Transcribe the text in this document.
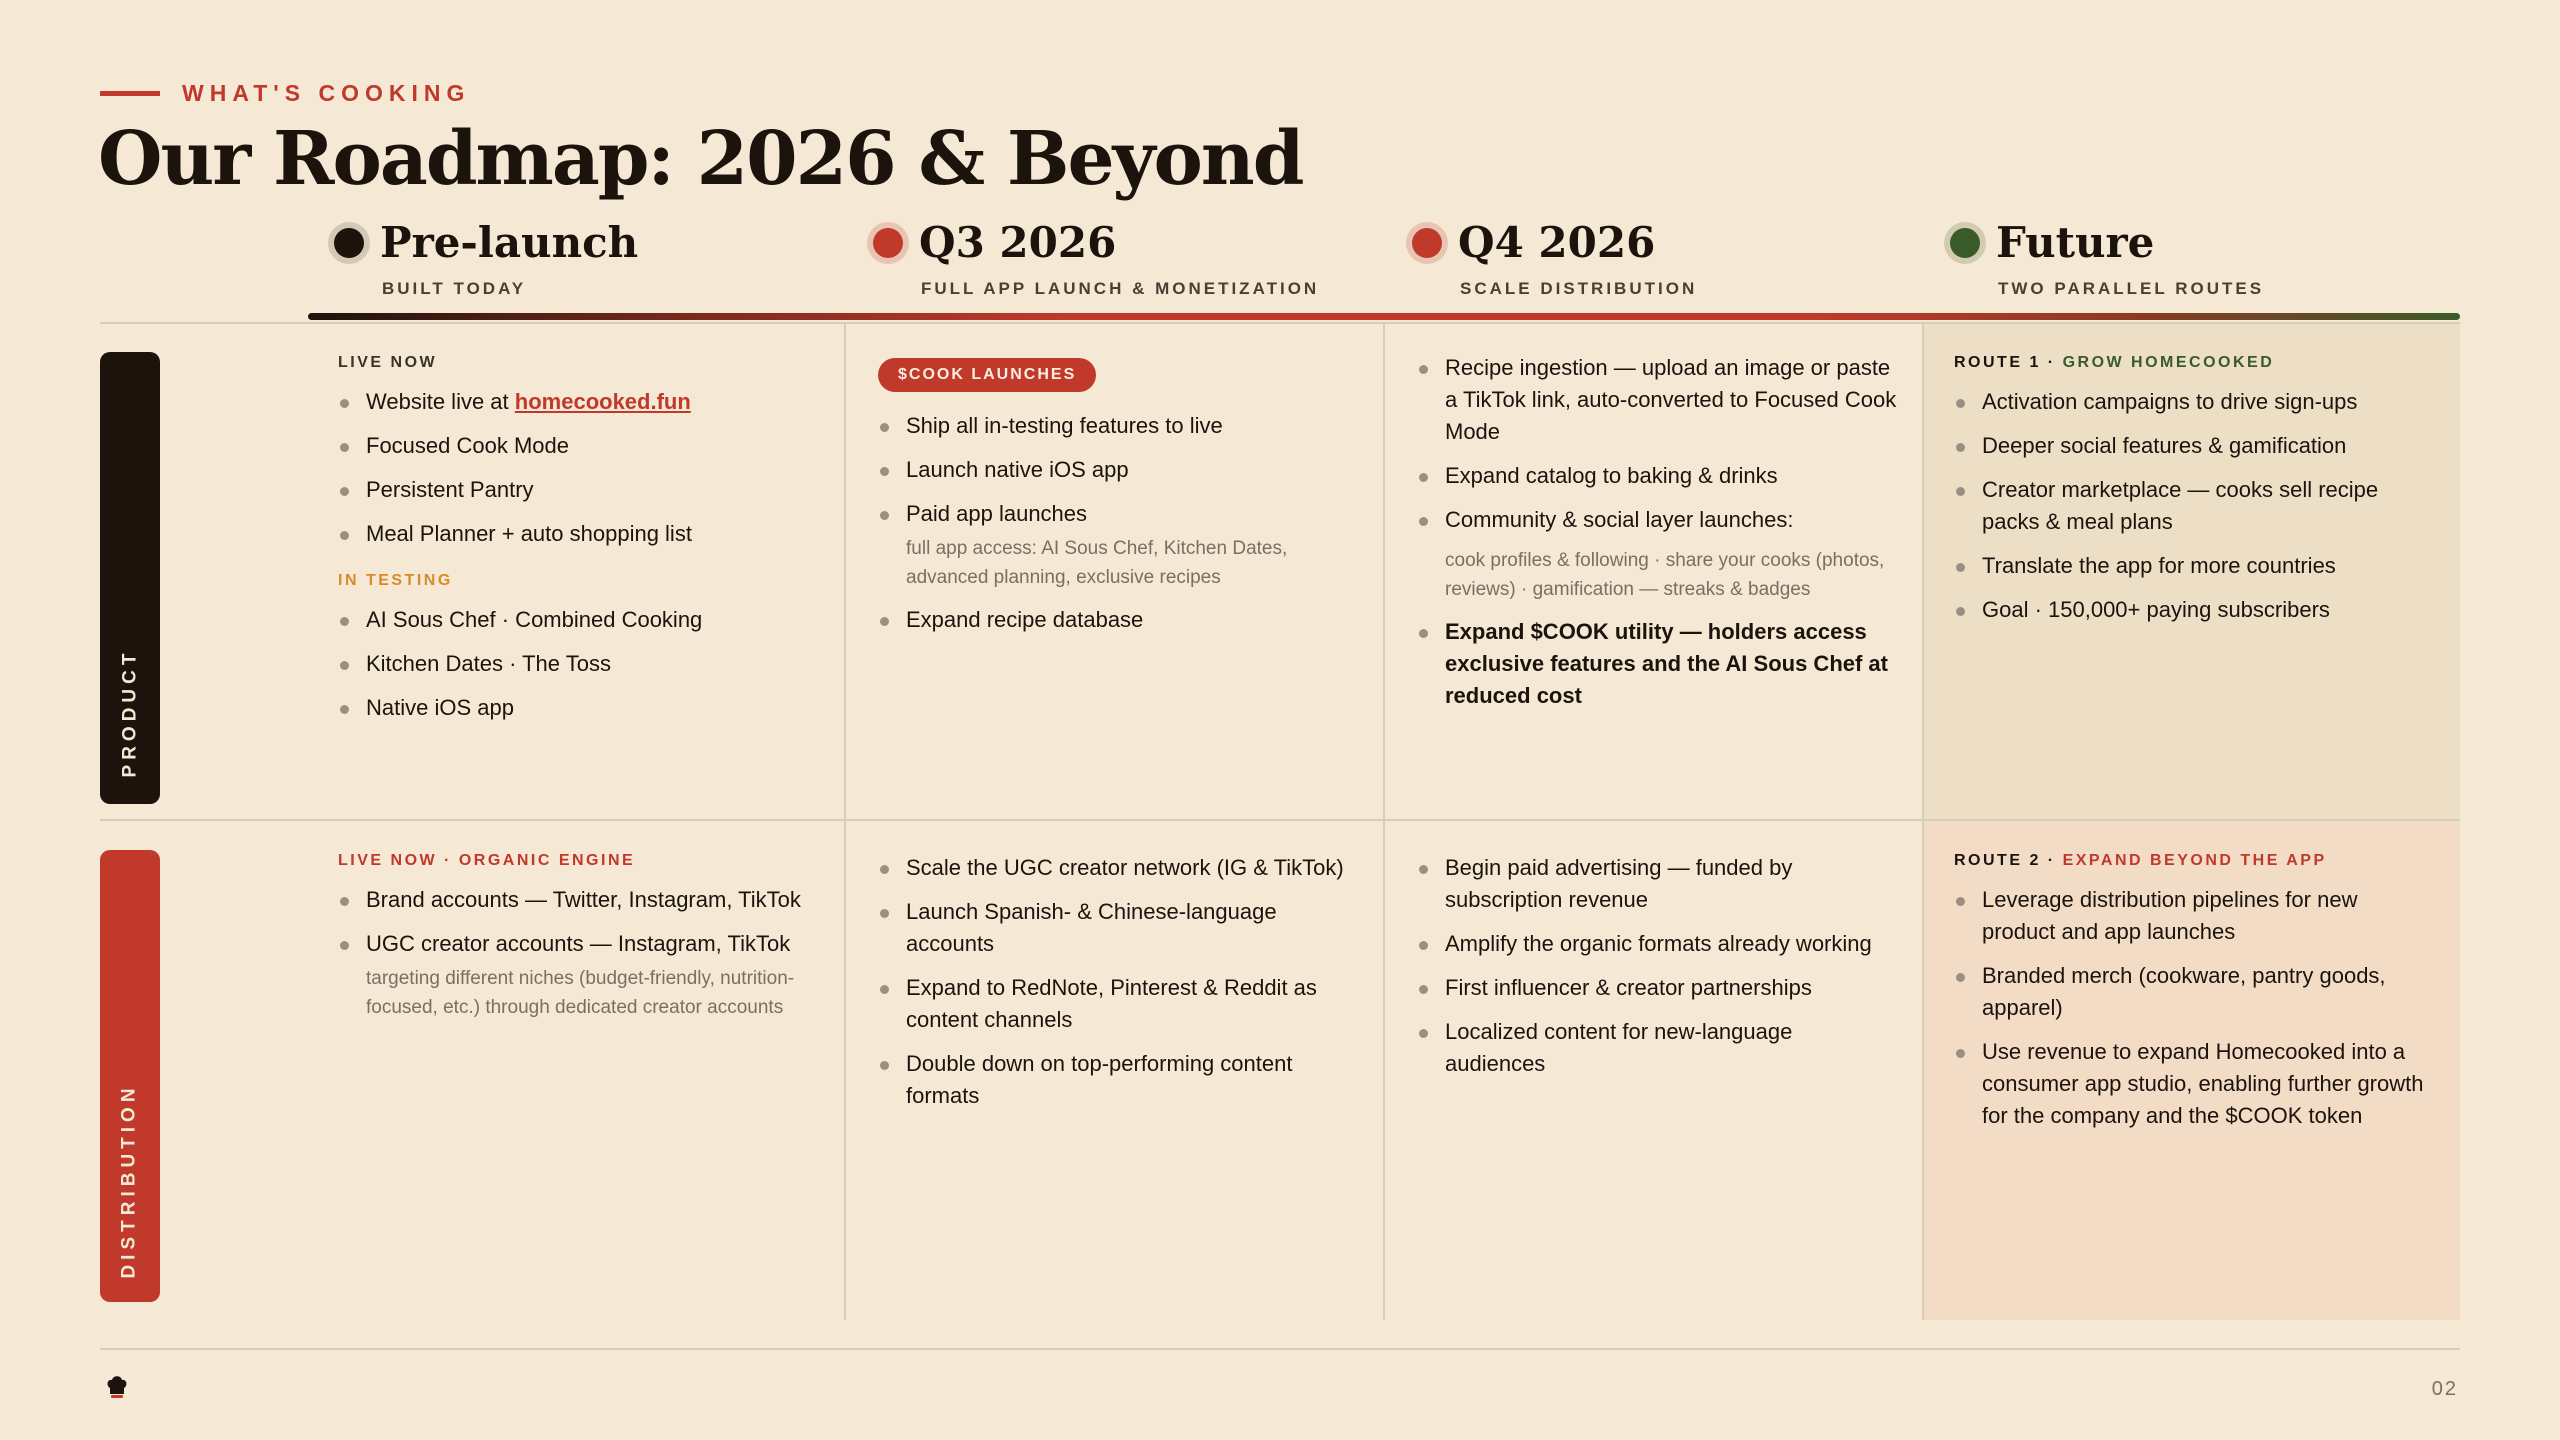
WHAT'S COOKING
Our Roadmap: 2026 & Beyond
Pre-launch
BUILT TODAY
Q3 2026
FULL APP LAUNCH & MONETIZATION
Q4 2026
SCALE DISTRIBUTION
Future
TWO PARALLEL ROUTES
PRODUCT
DISTRIBUTION
LIVE NOW
Website live at homecooked.fun
Focused Cook Mode
Persistent Pantry
Meal Planner + auto shopping list
IN TESTING
AI Sous Chef · Combined Cooking
Kitchen Dates · The Toss
Native iOS app
$COOK LAUNCHES
Ship all in-testing features to live
Launch native iOS app
Paid app launches
full app access: AI Sous Chef, Kitchen Dates, advanced planning, exclusive recipes
Expand recipe database
Recipe ingestion — upload an image or paste a TikTok link, auto-converted to Focused Cook Mode
Expand catalog to baking & drinks
Community & social layer launches:
cook profiles & following · share your cooks (photos, reviews) · gamification — streaks & badges
Expand $COOK utility — holders access exclusive features and the AI Sous Chef at reduced cost
ROUTE 1 · GROW HOMECOOKED
Activation campaigns to drive sign-ups
Deeper social features & gamification
Creator marketplace — cooks sell recipe packs & meal plans
Translate the app for more countries
Goal · 150,000+ paying subscribers
LIVE NOW · ORGANIC ENGINE
Brand accounts — Twitter, Instagram, TikTok
UGC creator accounts — Instagram, TikTok
targeting different niches (budget-friendly, nutrition-focused, etc.) through dedicated creator accounts
Scale the UGC creator network (IG & TikTok)
Launch Spanish- & Chinese-language accounts
Expand to RedNote, Pinterest & Reddit as content channels
Double down on top-performing content formats
Begin paid advertising — funded by subscription revenue
Amplify the organic formats already working
First influencer & creator partnerships
Localized content for new-language audiences
ROUTE 2 · EXPAND BEYOND THE APP
Leverage distribution pipelines for new product and app launches
Branded merch (cookware, pantry goods, apparel)
Use revenue to expand Homecooked into a consumer app studio, enabling further growth for the company and the $COOK token
02
